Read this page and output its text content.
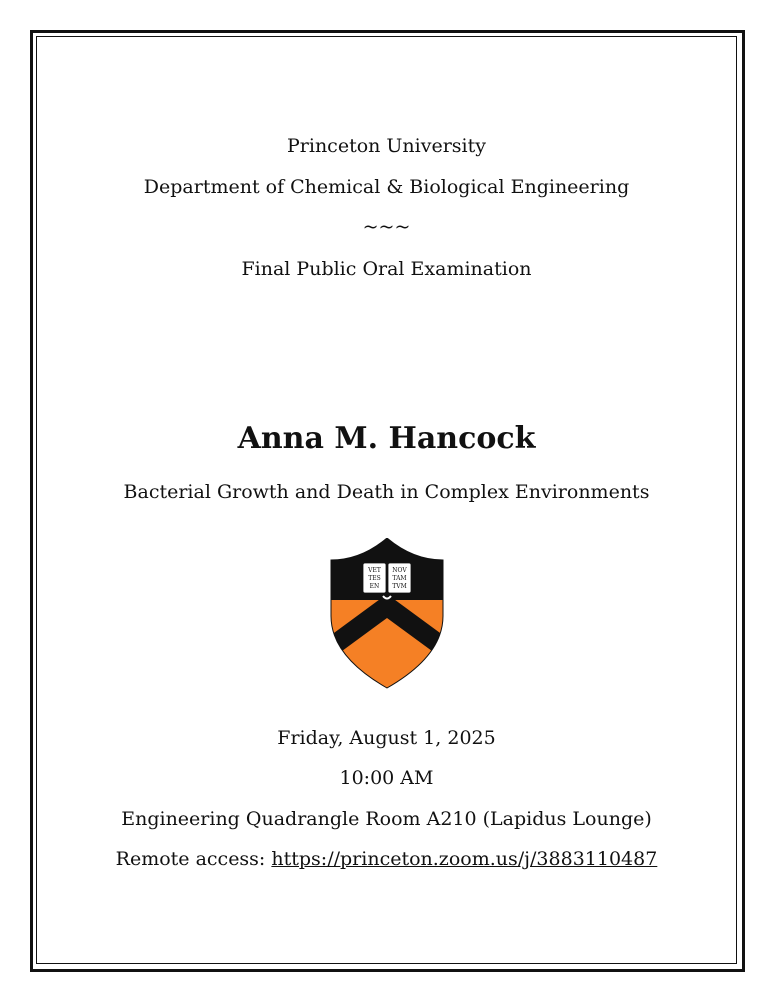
Princeton University
Department of Chemical & Biological Engineering
~~~
Final Public Oral Examination
Anna M. Hancock
Bacterial Growth and Death in Complex Environments
VET
TES
EN
NOV
TAM
TVM
Friday, August 1, 2025
10:00 AM
Engineering Quadrangle Room A210 (Lapidus Lounge)
Remote access: https://princeton.zoom.us/j/3883110487
